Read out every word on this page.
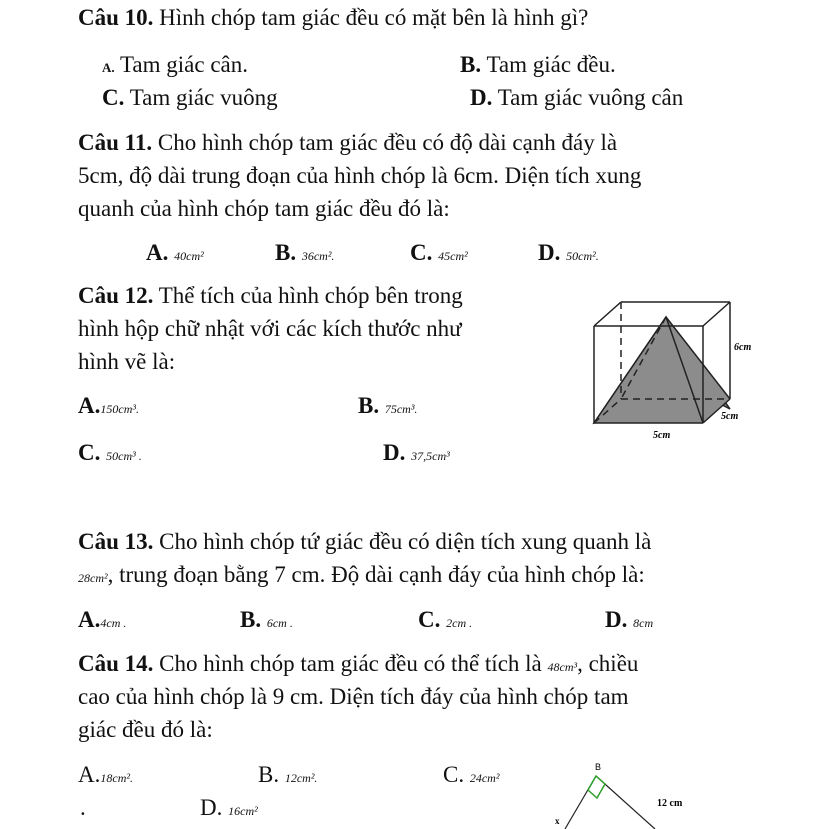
Câu 10. Hình chóp tam giác đều có mặt bên là hình gì?
A. Tam giác cân.	B. Tam giác đều.
C. Tam giác vuông	D. Tam giác vuông cân
Câu 11. Cho hình chóp tam giác đều có độ dài cạnh đáy là
5cm, độ dài trung đoạn của hình chóp là 6cm. Diện tích xung
quanh của hình chóp tam giác đều đó là:
A. 40cm²	B. 36cm².	C. 45cm²	D. 50cm².
Câu 12. Thể tích của hình chóp bên trong
hình hộp chữ nhật với các kích thước như
hình vẽ là:
A.150cm³.	B. 75cm³.
C. 50cm³ .	D. 37,5cm³
6cm
5cm
5cm
Câu 13. Cho hình chóp tứ giác đều có diện tích xung quanh là
28cm², trung đoạn bằng 7 cm. Độ dài cạnh đáy của hình chóp là:
A.4cm .	B. 6cm .	C. 2cm .	D. 8cm
Câu 14. Cho hình chóp tam giác đều có thể tích là 48cm³, chiều
cao của hình chóp là 9 cm. Diện tích đáy của hình chóp tam
giác đều đó là:
A.18cm².	B. 12cm².	C. 24cm²
.	D. 16cm²
B
12 cm
x
